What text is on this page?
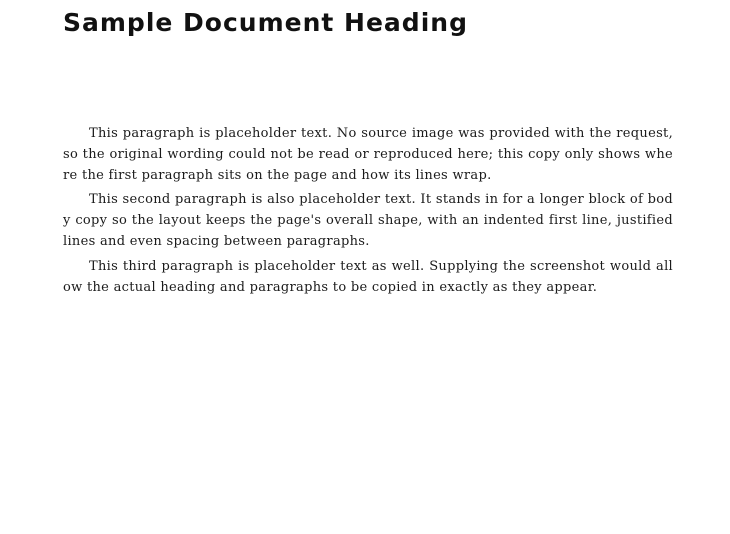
Sample Document Heading

This paragraph is placeholder text. No source image was provided with the request, so the original wording could not be read or reproduced here; this copy only shows where the first paragraph sits on the page and how its lines wrap.

This second paragraph is also placeholder text. It stands in for a longer block of body copy so the layout keeps the page's overall shape, with an indented first line, justified lines and even spacing between paragraphs.

This third paragraph is placeholder text as well. Supplying the screenshot would allow the actual heading and paragraphs to be copied in exactly as they appear.
